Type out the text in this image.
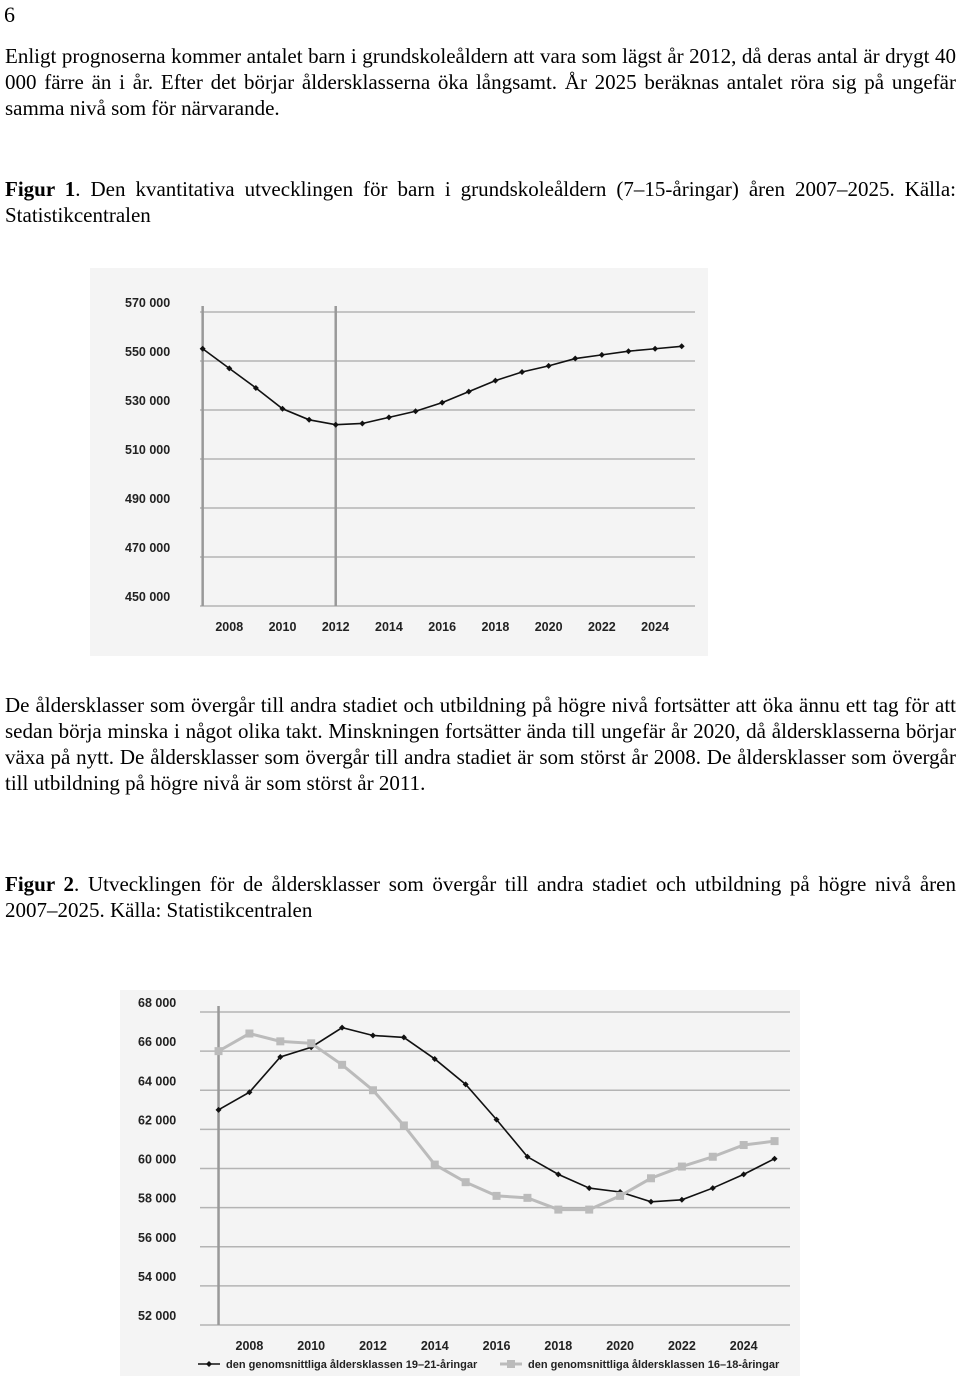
6

Enligt prognoserna kommer antalet barn i grundskoleåldern att vara som lägst år 2012, då deras antal är drygt 40 000 färre än i år. Efter det börjar åldersklasserna öka långsamt. År 2025 beräknas antalet röra sig på ungefär samma nivå som för närvarande.

Figur 1. Den kvantitativa utvecklingen för barn i grundskoleåldern (7–15-åringar) åren 2007–2025. Källa: Statistikcentralen

450 000
470 000
490 000
510 000
530 000
550 000
570 000
2008 2010 2012 2014 2016 2018 2020 2022 2024

De åldersklasser som övergår till andra stadiet och utbildning på högre nivå fortsätter att öka ännu ett tag för att sedan börja minska i något olika takt. Minskningen fortsätter ända till ungefär år 2020, då åldersklasserna börjar växa på nytt. De åldersklasser som övergår till andra stadiet är som störst år 2008. De åldersklasser som övergår till utbildning på högre nivå är som störst år 2011.

Figur 2. Utvecklingen för de åldersklasser som övergår till andra stadiet och utbildning på högre nivå åren 2007–2025. Källa: Statistikcentralen

52 000
54 000
56 000
58 000
60 000
62 000
64 000
66 000
68 000
2008	2010	2012	2014	2016	2018	2020	2022	2024
den genomsnittliga åldersklassen 19–21-åringar	den genomsnittliga åldersklassen 16–18-åringar
